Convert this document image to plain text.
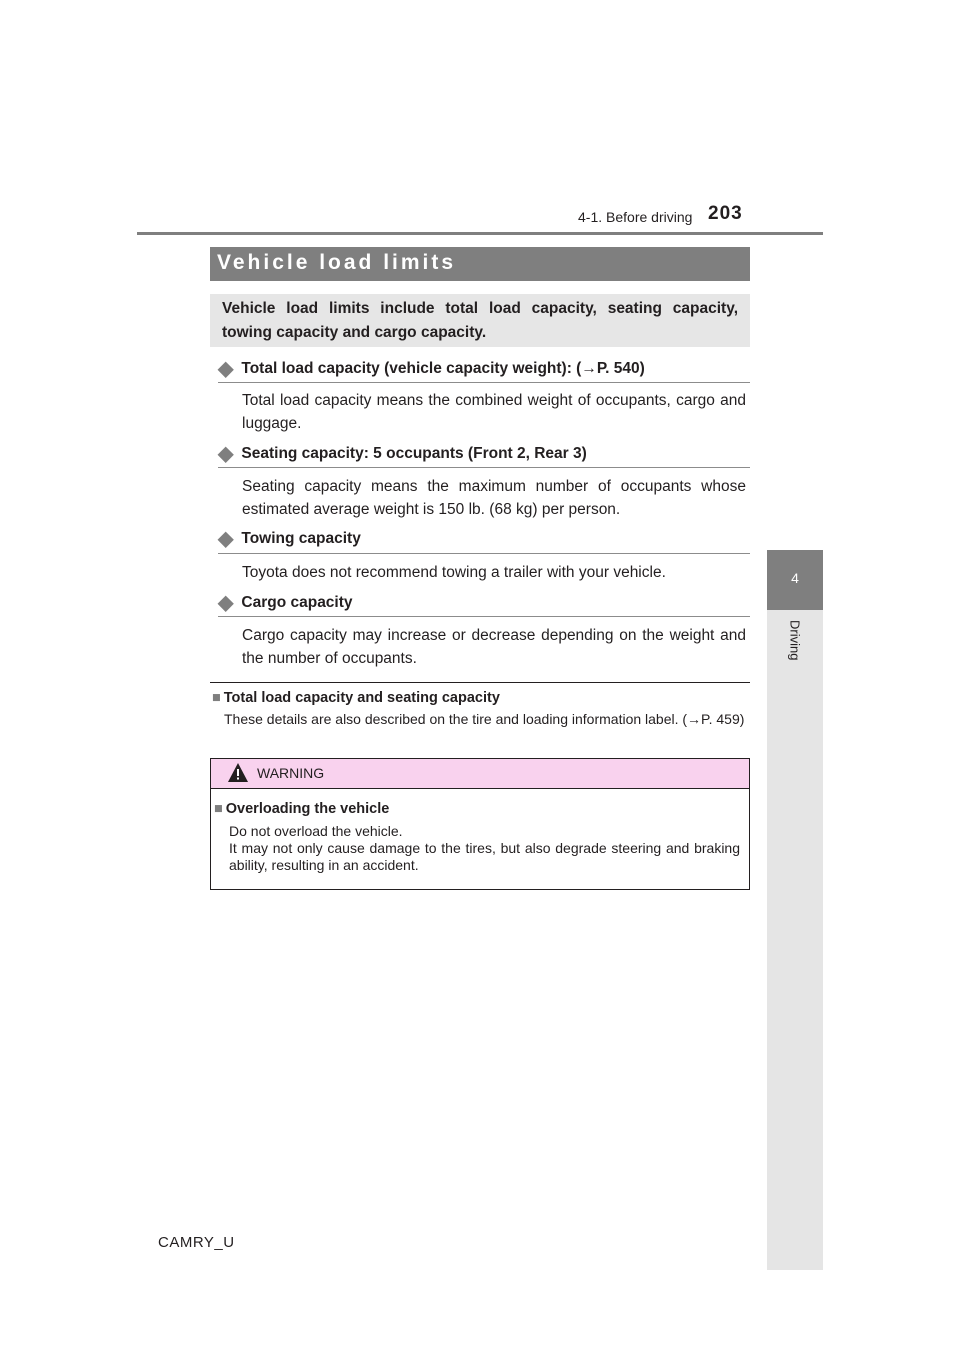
4-1. Before driving 203
4
Driving
Vehicle load limits
Vehicle load limits include total load capacity, seating capacity, towing capacity and cargo capacity.
◆ Total load capacity (vehicle capacity weight): (→P. 540)
Total load capacity means the combined weight of occupants, cargo and luggage.
◆ Seating capacity: 5 occupants (Front 2, Rear 3)
Seating capacity means the maximum number of occupants whose estimated average weight is 150 lb. (68 kg) per person.
◆ Towing capacity
Toyota does not recommend towing a trailer with your vehicle.
◆ Cargo capacity
Cargo capacity may increase or decrease depending on the weight and the number of occupants.
■ Total load capacity and seating capacity
These details are also described on the tire and loading information label. (→P. 459)
WARNING
■ Overloading the vehicle
Do not overload the vehicle.
It may not only cause damage to the tires, but also degrade steering and braking ability, resulting in an accident.
CAMRY_U
